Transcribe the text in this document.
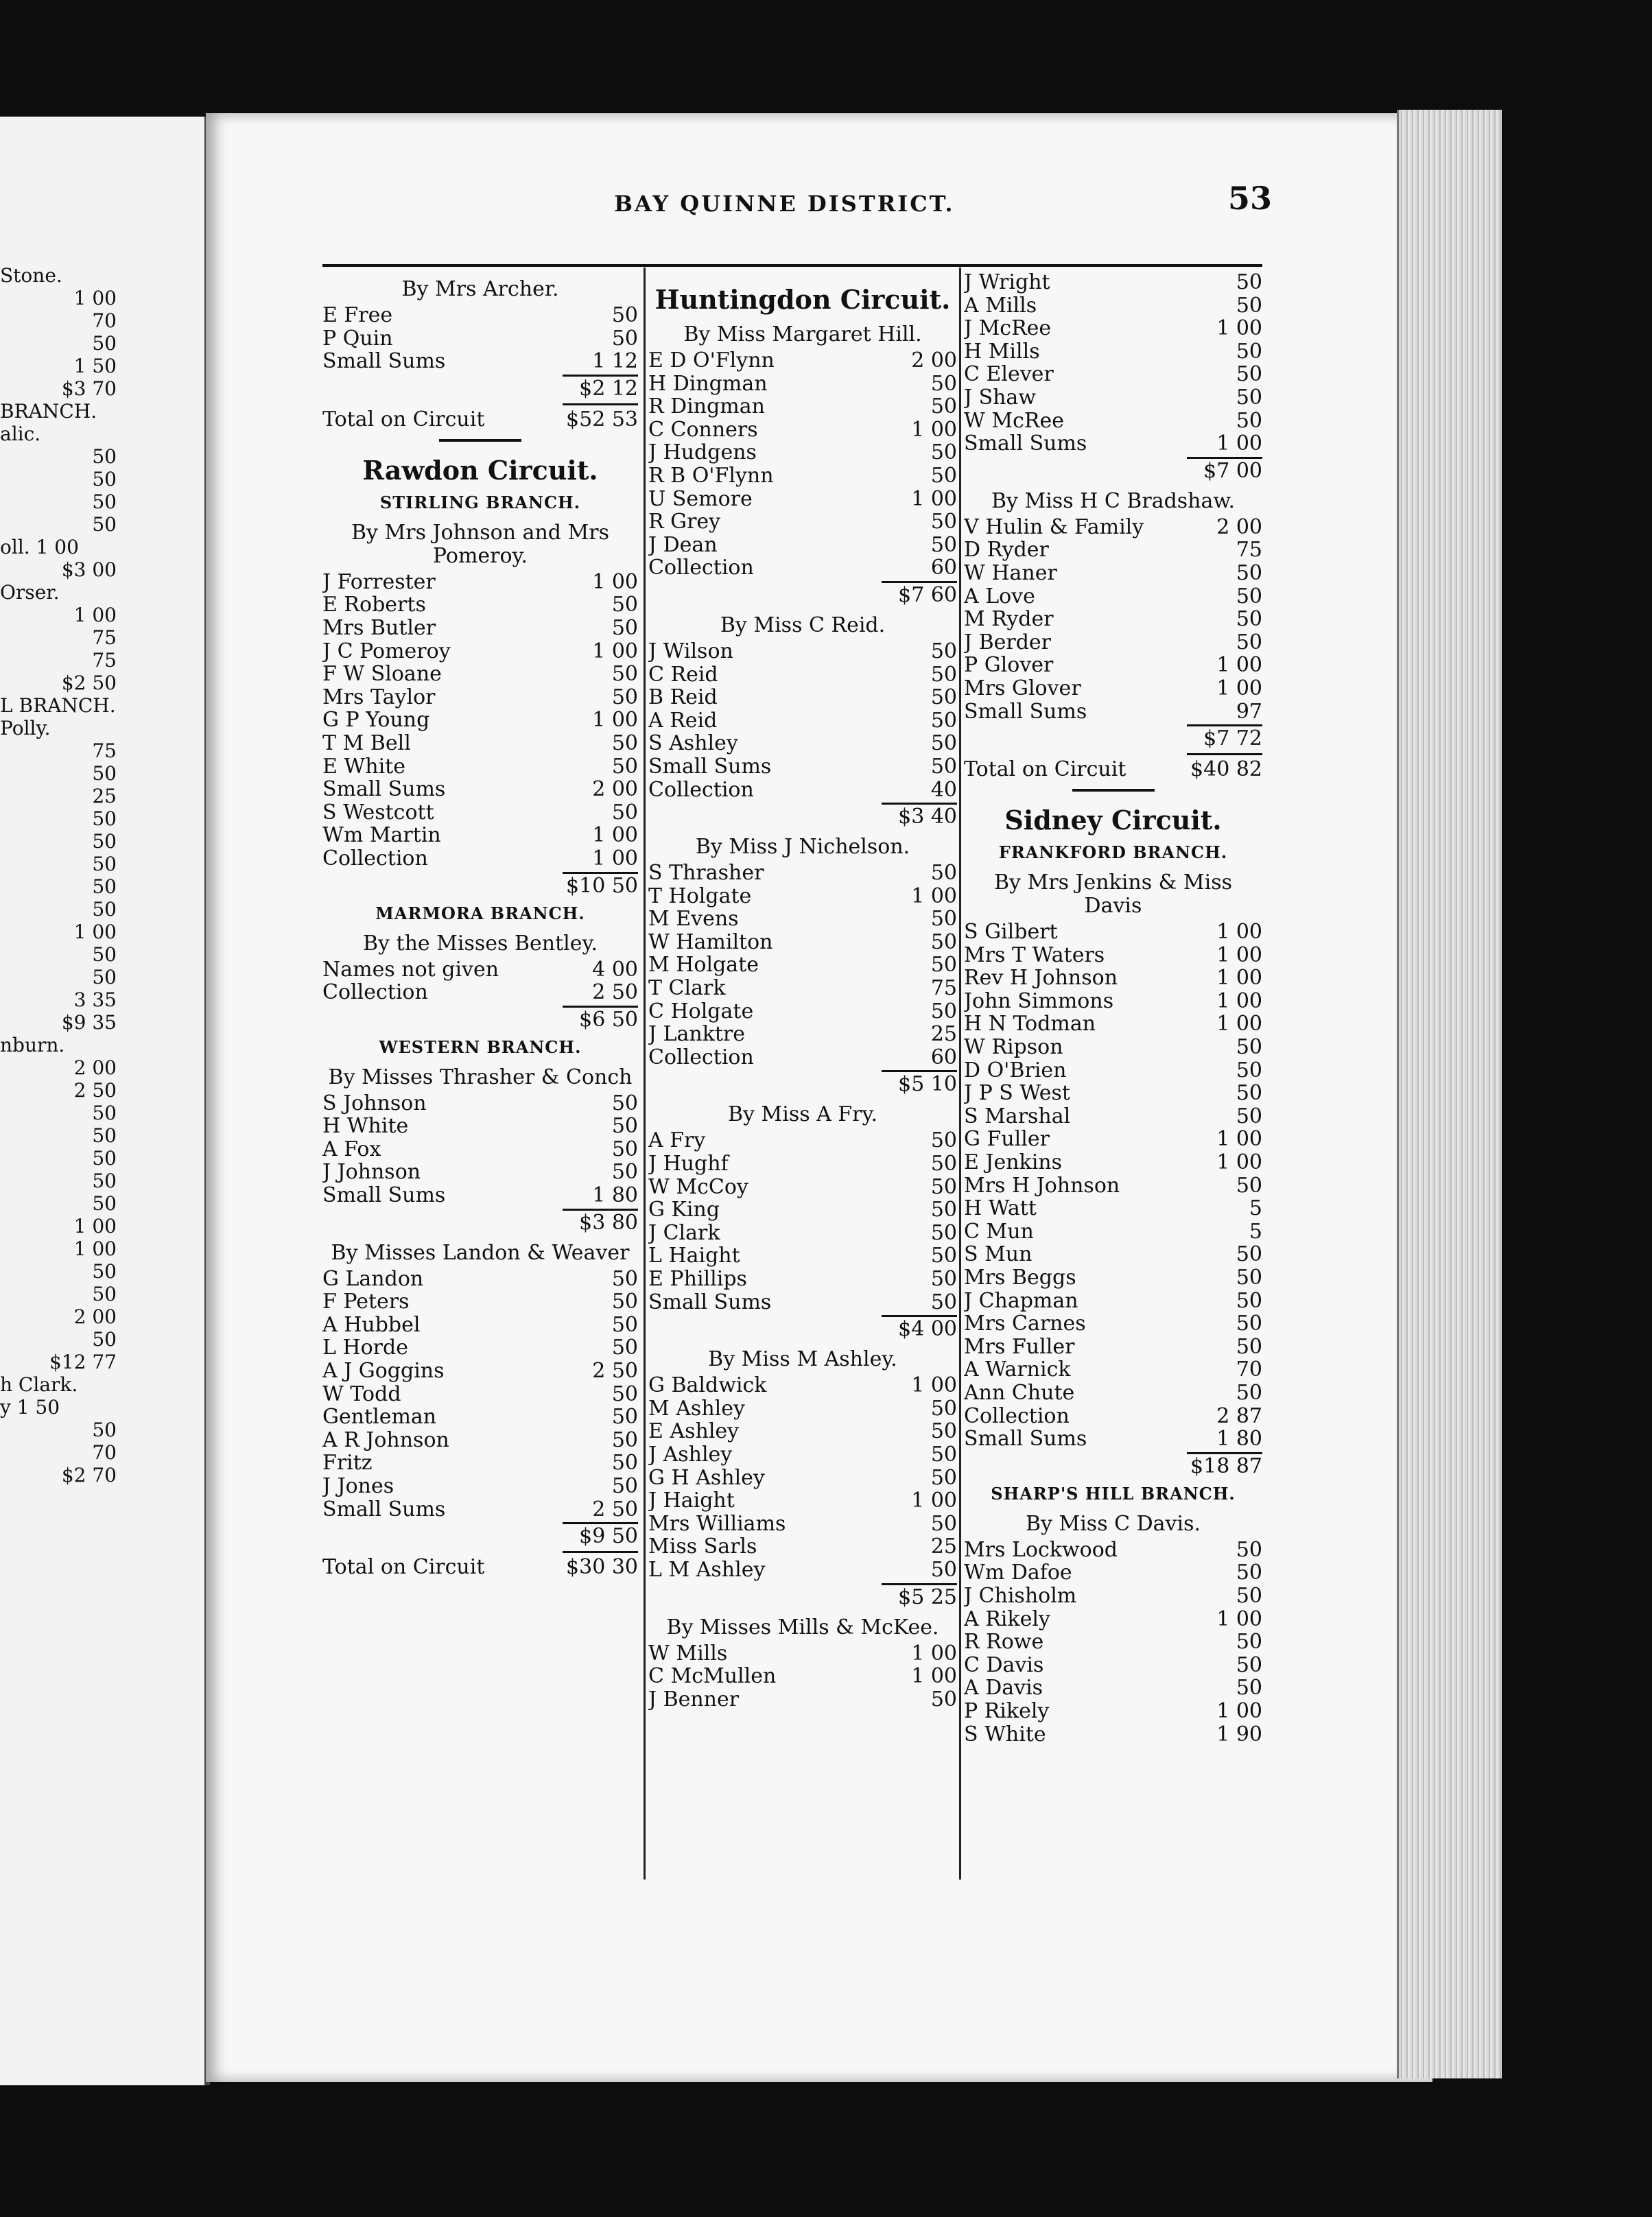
Stone.
1 00
70
50
1 50
$3 70
BRANCH.
alic.
50
50
50
50
oll. 1 00
$3 00
Orser.
1 00
75
75
$2 50
L BRANCH.
Polly.
75
50
25
50
50
50
50
50
1 00
50
50
3 35
$9 35
nburn.
2 00
2 50
50
50
50
50
50
1 00
1 00
50
50
2 00
50
$12 77
h Clark.
y 1 50
50
70
$2 70
BAY QUINNE DISTRICT.	53
By Mrs Archer.
E Free	50
P Quin	50
Small Sums	1 12
$2 12
Total on Circuit	$52 53
Rawdon Circuit.
STIRLING BRANCH.
By Mrs Johnson and Mrs Pomeroy.
J Forrester	1 00
E Roberts	50
Mrs Butler	50
J C Pomeroy	1 00
F W Sloane	50
Mrs Taylor	50
G P Young	1 00
T M Bell	50
E White	50
Small Sums	2 00
S Westcott	50
Wm Martin	1 00
Collection	1 00
$10 50
MARMORA BRANCH.
By the Misses Bentley.
Names not given	4 00
Collection	2 50
$6 50
WESTERN BRANCH.
By Misses Thrasher & Conch
S Johnson	50
H White	50
A Fox	50
J Johnson	50
Small Sums	1 80
$3 80
By Misses Landon & Weaver
G Landon	50
F Peters	50
A Hubbel	50
L Horde	50
A J Goggins	2 50
W Todd	50
Gentleman	50
A R Johnson	50
Fritz	50
J Jones	50
Small Sums	2 50
$9 50
Total on Circuit	$30 30
Huntingdon Circuit.
By Miss Margaret Hill.
E D O'Flynn	2 00
H Dingman	50
R Dingman	50
C Conners	1 00
J Hudgens	50
R B O'Flynn	50
U Semore	1 00
R Grey	50
J Dean	50
Collection	60
$7 60
By Miss C Reid.
J Wilson	50
C Reid	50
B Reid	50
A Reid	50
S Ashley	50
Small Sums	50
Collection	40
$3 40
By Miss J Nichelson.
S Thrasher	50
T Holgate	1 00
M Evens	50
W Hamilton	50
M Holgate	50
T Clark	75
C Holgate	50
J Lanktre	25
Collection	60
$5 10
By Miss A Fry.
A Fry	50
J Hughf	50
W McCoy	50
G King	50
J Clark	50
L Haight	50
E Phillips	50
Small Sums	50
$4 00
By Miss M Ashley.
G Baldwick	1 00
M Ashley	50
E Ashley	50
J Ashley	50
G H Ashley	50
J Haight	1 00
Mrs Williams	50
Miss Sarls	25
L M Ashley	50
$5 25
By Misses Mills & McKee.
W Mills	1 00
C McMullen	1 00
J Benner	50
J Wright	50
A Mills	50
J McRee	1 00
H Mills	50
C Elever	50
J Shaw	50
W McRee	50
Small Sums	1 00
$7 00
By Miss H C Bradshaw.
V Hulin & Family	2 00
D Ryder	75
W Haner	50
A Love	50
M Ryder	50
J Berder	50
P Glover	1 00
Mrs Glover	1 00
Small Sums	97
$7 72
Total on Circuit	$40 82
Sidney Circuit.
FRANKFORD BRANCH.
By Mrs Jenkins & Miss Davis
S Gilbert	1 00
Mrs T Waters	1 00
Rev H Johnson	1 00
John Simmons	1 00
H N Todman	1 00
W Ripson	50
D O'Brien	50
J P S West	50
S Marshal	50
G Fuller	1 00
E Jenkins	1 00
Mrs H Johnson	50
H Watt	5
C Mun	5
S Mun	50
Mrs Beggs	50
J Chapman	50
Mrs Carnes	50
Mrs Fuller	50
A Warnick	70
Ann Chute	50
Collection	2 87
Small Sums	1 80
$18 87
SHARP'S HILL BRANCH.
By Miss C Davis.
Mrs Lockwood	50
Wm Dafoe	50
J Chisholm	50
A Rikely	1 00
R Rowe	50
C Davis	50
A Davis	50
P Rikely	1 00
S White	1 90
